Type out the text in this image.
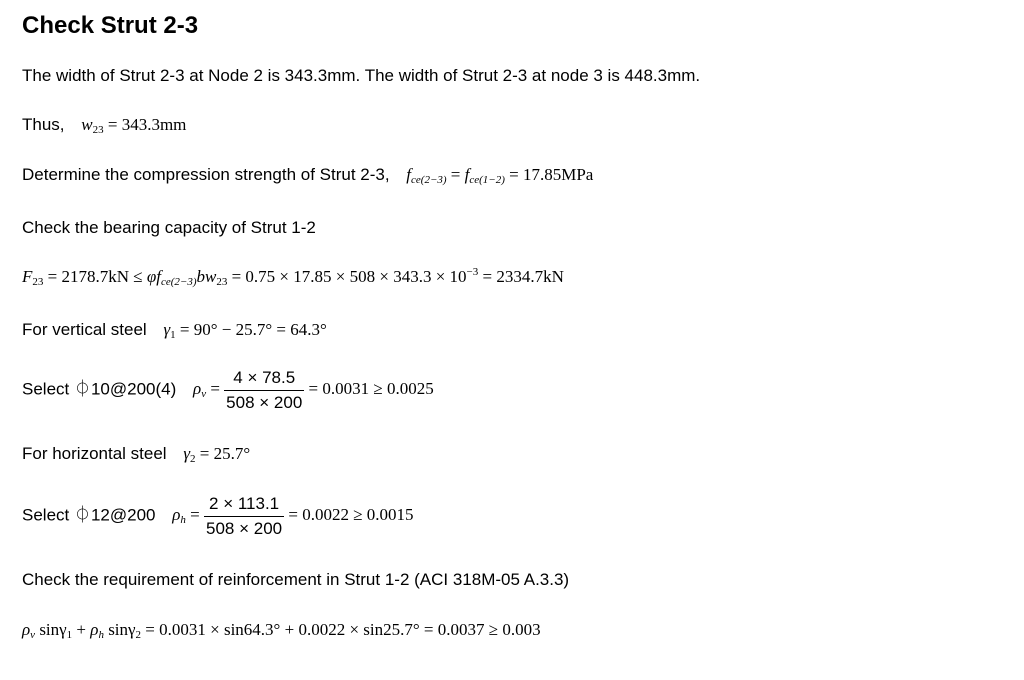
Check Strut 2-3
The width of Strut 2-3 at Node 2 is 343.3mm. The width of Strut 2-3 at node 3 is 448.3mm.
Thus, $w_{23} = 343.3mm$
Determine the compression strength of Strut 2-3, $f_{ce(2-3)} = f_{ce(1-2)} = 17.85MPa$
Check the bearing capacity of Strut 1-2
$F_{23} = 2178.7kN \le \varphi f_{ce(2-3)}bw_{23} = 0.75 \times 17.85 \times 508 \times 343.3 \times 10^{-3} = 2334.7kN$
For vertical steel $\gamma_1 = 90^\circ - 25.7^\circ = 64.3^\circ$
Select ⏀10@200(4) $\rho_v = \frac{4 \times 78.5}{508 \times 200} = 0.0031 \ge 0.0025$
For horizontal steel $\gamma_2 = 25.7^\circ$
Select ⏀12@200 $\rho_h = \frac{2 \times 113.1}{508 \times 200} = 0.0022 \ge 0.0015$
Check the requirement of reinforcement in Strut 1-2 (ACI 318M-05 A.3.3)
$\rho_v$ $\sin\gamma_1 + \rho_h$ sinγ$_2$ = 0.0031 × sin64.3° + 0.0022 × sin25.7° = 0.0037 ≥ 0.003
